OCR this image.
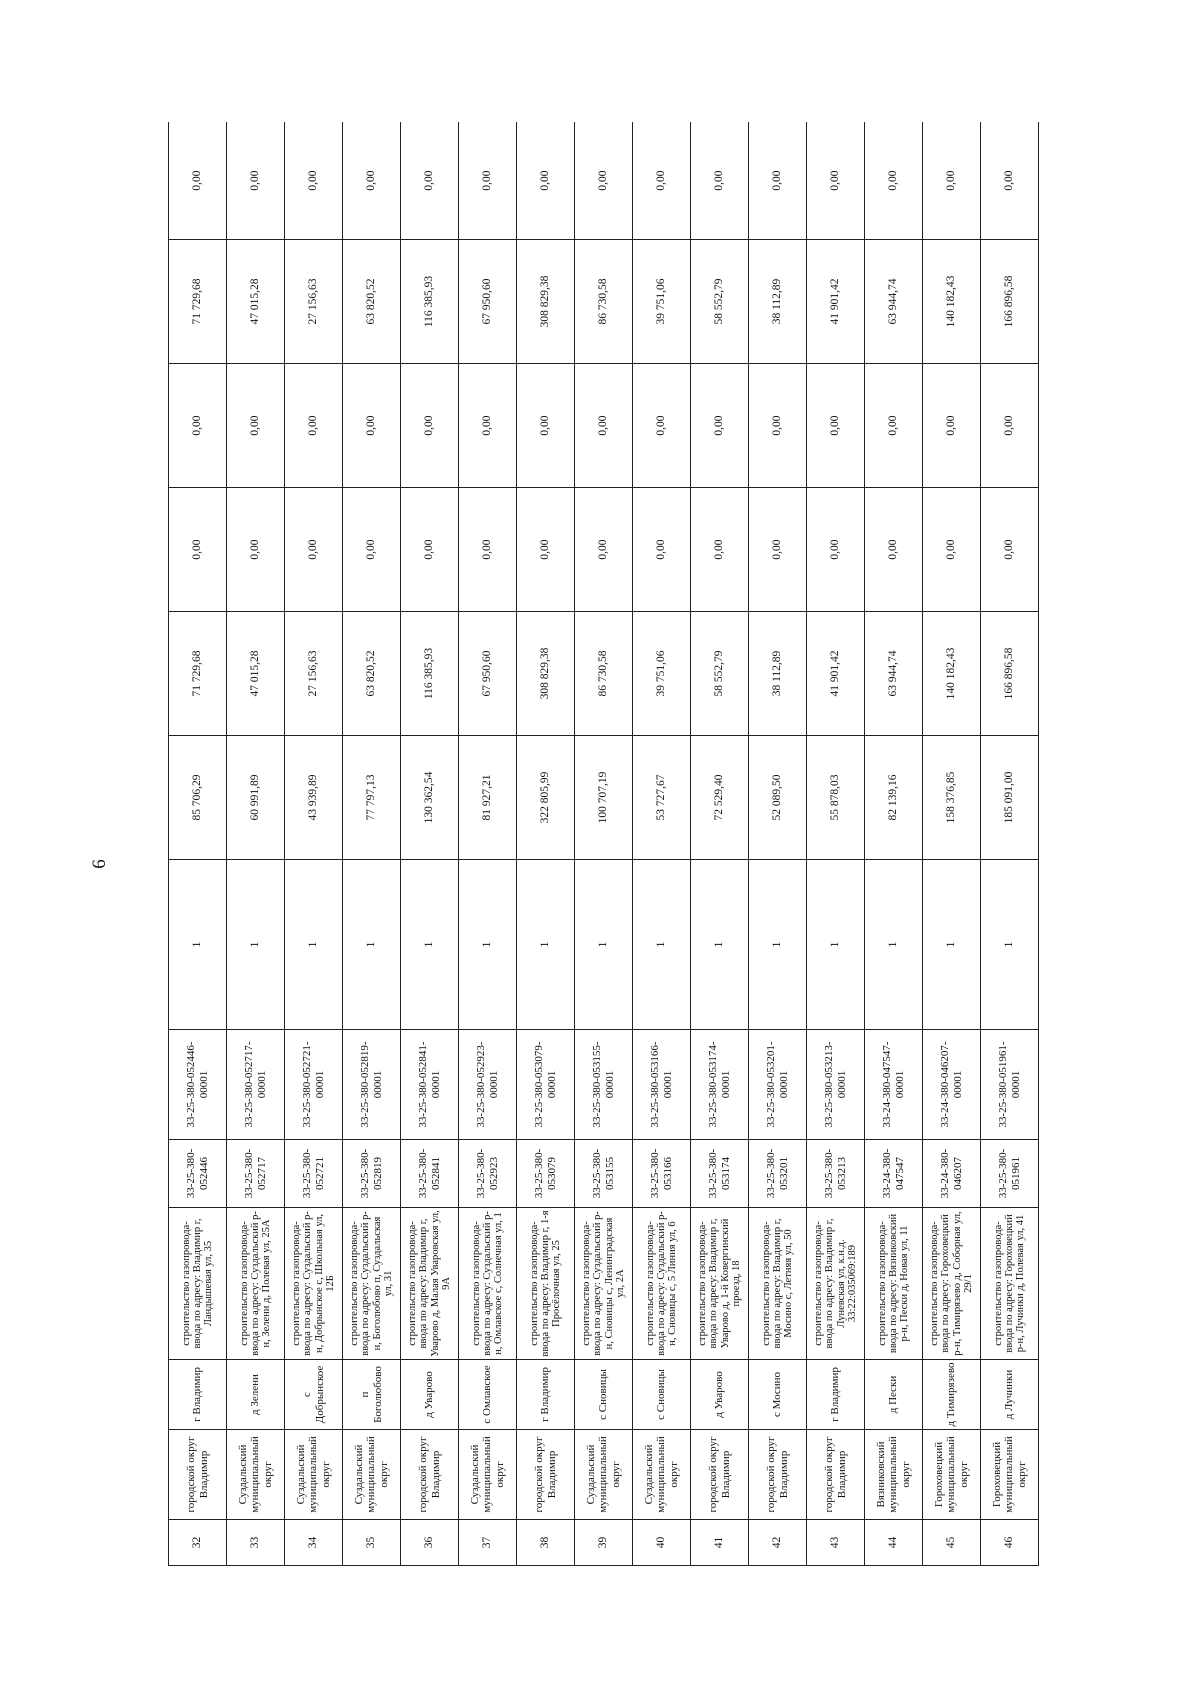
6
32	городской округ Владимир	г Владимир	строительство газопровода-ввода по адресу: Владимир г, Ландышевая ул, 35	33-25-380-052446	33-25-380-052446-00001	1	85 706,29	71 729,68	0,00	0,00	71 729,68	0,00
33	Суздальский муниципальный округ	д Зелени	строительство газопровода-ввода по адресу: Суздальский р-н, Зелени д, Полевая ул, 25А	33-25-380-052717	33-25-380-052717-00001	1	60 991,89	47 015,28	0,00	0,00	47 015,28	0,00
34	Суздальский муниципальный округ	с Добрынское	строительство газопровода-ввода по адресу: Суздальский р-н, Добрынское с, Школьная ул, 12Б	33-25-380-052721	33-25-380-052721-00001	1	43 939,89	27 156,63	0,00	0,00	27 156,63	0,00
35	Суздальский муниципальный округ	п Боголюбово	строительство газопровода-ввода по адресу: Суздальский р-н, Боголюбово п, Суздальская ул, 31	33-25-380-052819	33-25-380-052819-00001	1	77 797,13	63 820,52	0,00	0,00	63 820,52	0,00
36	городской округ Владимир	д Уварово	строительство газопровода-ввода по адресу: Владимир г, Уварово д, Малая Уваровская ул, 9А	33-25-380-052841	33-25-380-052841-00001	1	130 362,54	116 385,93	0,00	0,00	116 385,93	0,00
37	Суздальский муниципальный округ	с Омлавское	строительство газопровода-ввода по адресу: Суздальский р-н, Омлавское с, Солнечная ул, 1	33-25-380-052923	33-25-380-052923-00001	1	81 927,21	67 950,60	0,00	0,00	67 950,60	0,00
38	городской округ Владимир	г Владимир	строительство газопровода-ввода по адресу: Владимир г, 1-я Просёлочная ул, 25	33-25-380-053079	33-25-380-053079-00001	1	322 805,99	308 829,38	0,00	0,00	308 829,38	0,00
39	Суздальский муниципальный округ	с Сновицы	строительство газопровода-ввода по адресу: Суздальский р-н, Сновицы с, Ленинградская ул, 2А	33-25-380-053155	33-25-380-053155-00001	1	100 707,19	86 730,58	0,00	0,00	86 730,58	0,00
40	Суздальский муниципальный округ	с Сновицы	строительство газопровода-ввода по адресу: Суздальский р-н, Сновицы с, 5 Линия ул, 6	33-25-380-053166	33-25-380-053166-00001	1	53 727,67	39 751,06	0,00	0,00	39 751,06	0,00
41	городской округ Владимир	д Уварово	строительство газопровода-ввода по адресу: Владимир г, Уварово д, 1-й Ковергинский проезд, 18	33-25-380-053174	33-25-380-053174-00001	1	72 529,40	58 552,79	0,00	0,00	58 552,79	0,00
42	городской округ Владимир	с Мосино	строительство газопровода-ввода по адресу: Владимир г, Мосино с, Летняя ул, 50	33-25-380-053201	33-25-380-053201-00001	1	52 089,50	38 112,89	0,00	0,00	38 112,89	0,00
43	городской округ Владимир	г Владимир	строительство газопровода-ввода по адресу: Владимир г, Луневская ул, к.н.д. 33:22:035069:189	33-25-380-053213	33-25-380-053213-00001	1	55 878,03	41 901,42	0,00	0,00	41 901,42	0,00
44	Вязниковский муниципальный округ	д Пески	строительство газопровода-ввода по адресу: Вязниковский р-н, Пески д, Новая ул, 11	33-24-380-047547	33-24-380-047547-00001	1	82 139,16	63 944,74	0,00	0,00	63 944,74	0,00
45	Гороховецкий муниципальный округ	д Тимирязево	строительство газопровода-ввода по адресу: Гороховецкий р-н, Тимирязево д, Соборная ул, 29/1	33-24-380-046207	33-24-380-046207-00001	1	158 376,85	140 182,43	0,00	0,00	140 182,43	0,00
46	Гороховецкий муниципальный округ	д Лучинки	строительство газопровода-ввода по адресу: Гороховецкий р-н, Лучинки д, Полевая ул, 41	33-25-380-051961	33-25-380-051961-00001	1	185 091,00	166 896,58	0,00	0,00	166 896,58	0,00
